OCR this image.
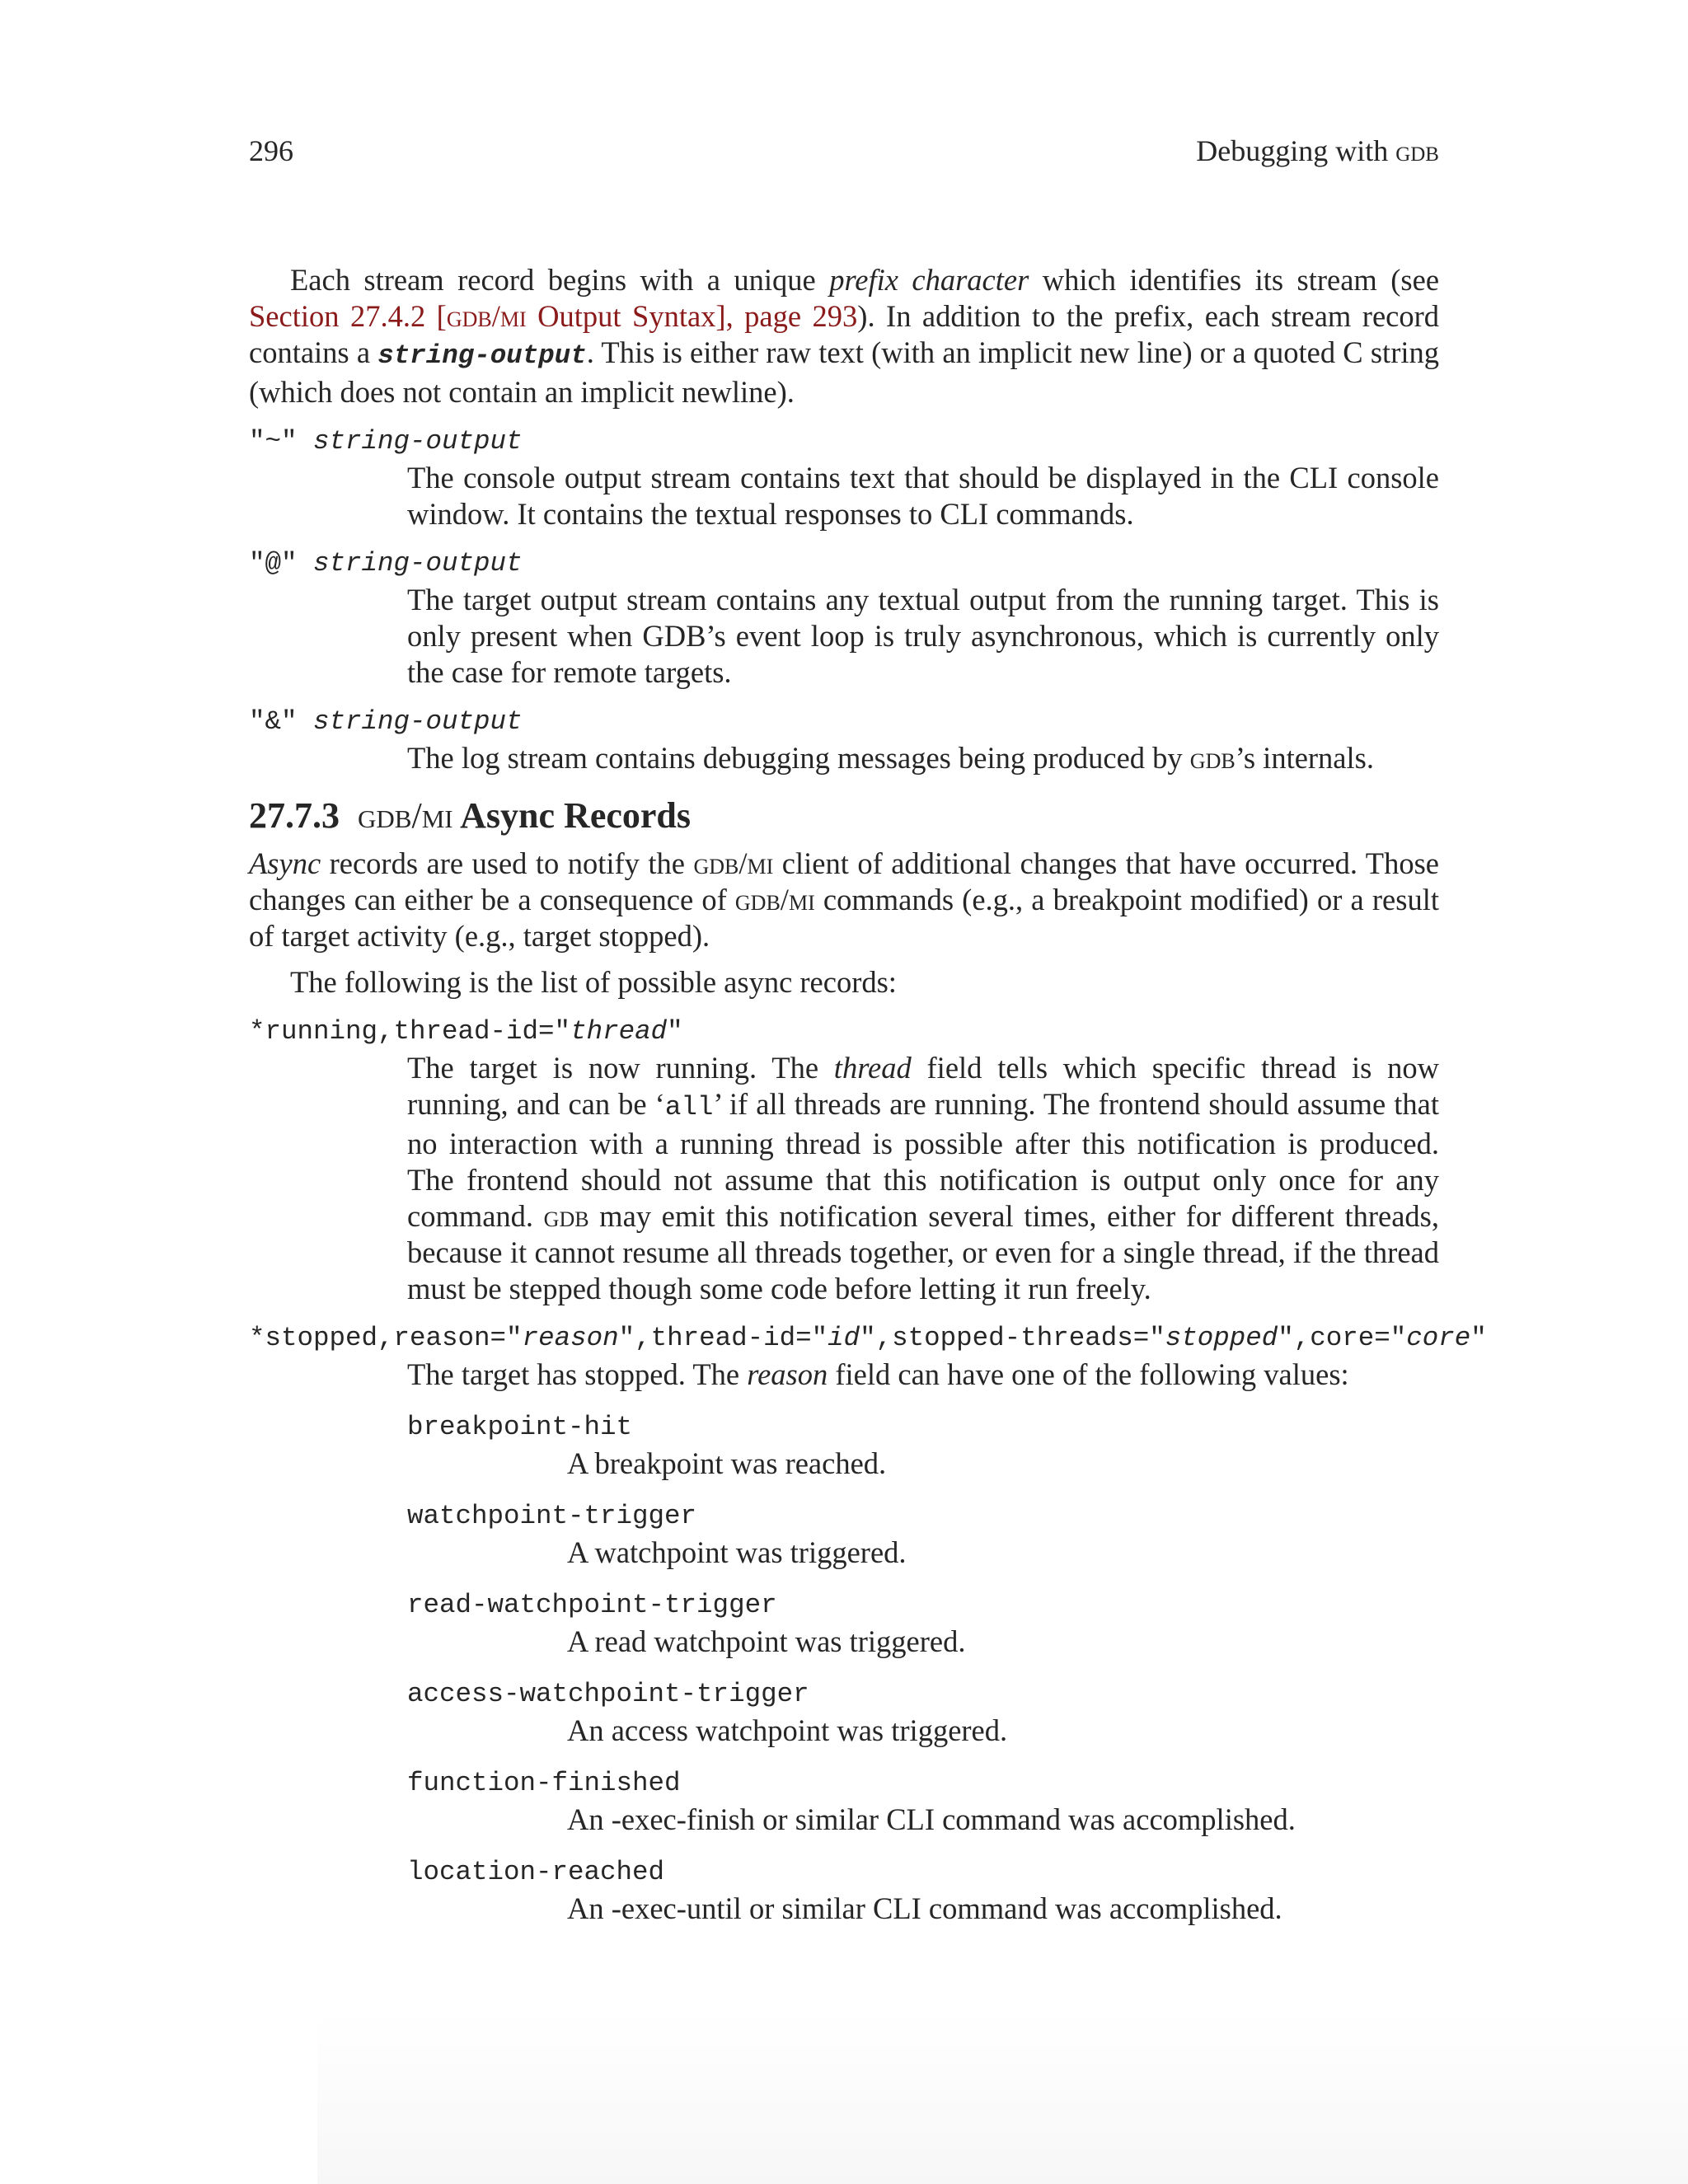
296	Debugging with gdb

Each stream record begins with a unique prefix character which identifies its stream (see Section 27.4.2 [gdb/mi Output Syntax], page 293). In addition to the prefix, each stream record contains a string-output. This is either raw text (with an implicit new line) or a quoted C string (which does not contain an implicit newline).

"~" string-output

The console output stream contains text that should be displayed in the CLI console window. It contains the textual responses to CLI commands.

"@" string-output

The target output stream contains any textual output from the running target. This is only present when GDB’s event loop is truly asynchronous, which is currently only the case for remote targets.

"&" string-output

The log stream contains debugging messages being produced by gdb’s internals.

27.7.3 gdb/mi Async Records

Async records are used to notify the gdb/mi client of additional changes that have occurred. Those changes can either be a consequence of gdb/mi commands (e.g., a breakpoint modified) or a result of target activity (e.g., target stopped).

The following is the list of possible async records:

*running,thread-id="thread"

The target is now running. The thread field tells which specific thread is now running, and can be ‘all’ if all threads are running. The frontend should assume that no interaction with a running thread is possible after this notification is produced. The frontend should not assume that this notification is output only once for any command. gdb may emit this notification several times, either for different threads, because it cannot resume all threads together, or even for a single thread, if the thread must be stepped though some code before letting it run freely.

*stopped,reason="reason",thread-id="id",stopped-threads="stopped",core="core"

The target has stopped. The reason field can have one of the following values:

breakpoint-hit

A breakpoint was reached.

watchpoint-trigger

A watchpoint was triggered.

read-watchpoint-trigger

A read watchpoint was triggered.

access-watchpoint-trigger

An access watchpoint was triggered.

function-finished

An -exec-finish or similar CLI command was accomplished.

location-reached

An -exec-until or similar CLI command was accomplished.
